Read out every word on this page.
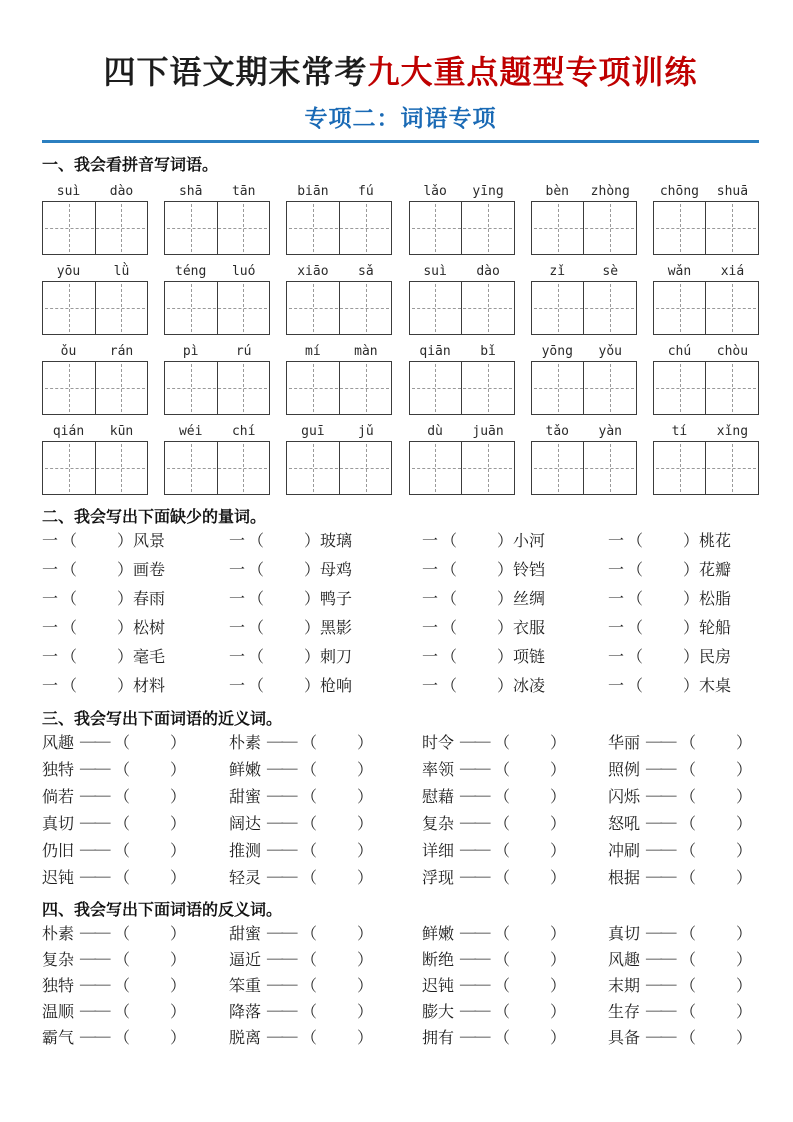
四下语文期末常考九大重点题型专项训练
专项二：词语专项
一、我会看拼音写词语。
suì	dào	shā	tān	biān	fú	lǎo	yīng	bèn	zhòng	chōng	shuā
yōu	lǜ	téng	luó	xiāo	sǎ	suì	dào	zǐ	sè	wǎn	xiá
ǒu	rán	pì	rú	mí	màn	qiān	bǐ	yōng	yǒu	chú	chòu
qián	kūn	wéi	chí	guī	jǔ	dù	juān	tǎo	yàn	tí	xǐng
二、我会写出下面缺少的量词。
一 （	）风景	一 （	）玻璃	一 （	）小河	一 （	）桃花
一 （	）画卷	一 （	）母鸡	一 （	）铃铛	一 （	）花瓣
一 （	）春雨	一 （	）鸭子	一 （	）丝绸	一 （	）松脂
一 （	）松树	一 （	）黑影	一 （	）衣服	一 （	）轮船
一 （	）毫毛	一 （	）刺刀	一 （	）项链	一 （	）民房
一 （	）材料	一 （	）枪响	一 （	）冰凌	一 （	）木桌
三、我会写出下面词语的近义词。
风趣 —— （	）	朴素 —— （	）	时令 —— （	）	华丽 —— （	）
独特 —— （	）	鲜嫩 —— （	）	率领 —— （	）	照例 —— （	）
倘若 —— （	）	甜蜜 —— （	）	慰藉 —— （	）	闪烁 —— （	）
真切 —— （	）	阔达 —— （	）	复杂 —— （	）	怒吼 —— （	）
仍旧 —— （	）	推测 —— （	）	详细 —— （	）	冲刷 —— （	）
迟钝 —— （	）	轻灵 —— （	）	浮现 —— （	）	根据 —— （	）
四、我会写出下面词语的反义词。
朴素 —— （	）	甜蜜 —— （	）	鲜嫩 —— （	）	真切 —— （	）
复杂 —— （	）	逼近 —— （	）	断绝 —— （	）	风趣 —— （	）
独特 —— （	）	笨重 —— （	）	迟钝 —— （	）	末期 —— （	）
温顺 —— （	）	降落 —— （	）	膨大 —— （	）	生存 —— （	）
霸气 —— （	）	脱离 —— （	）	拥有 —— （	）	具备 —— （	）
